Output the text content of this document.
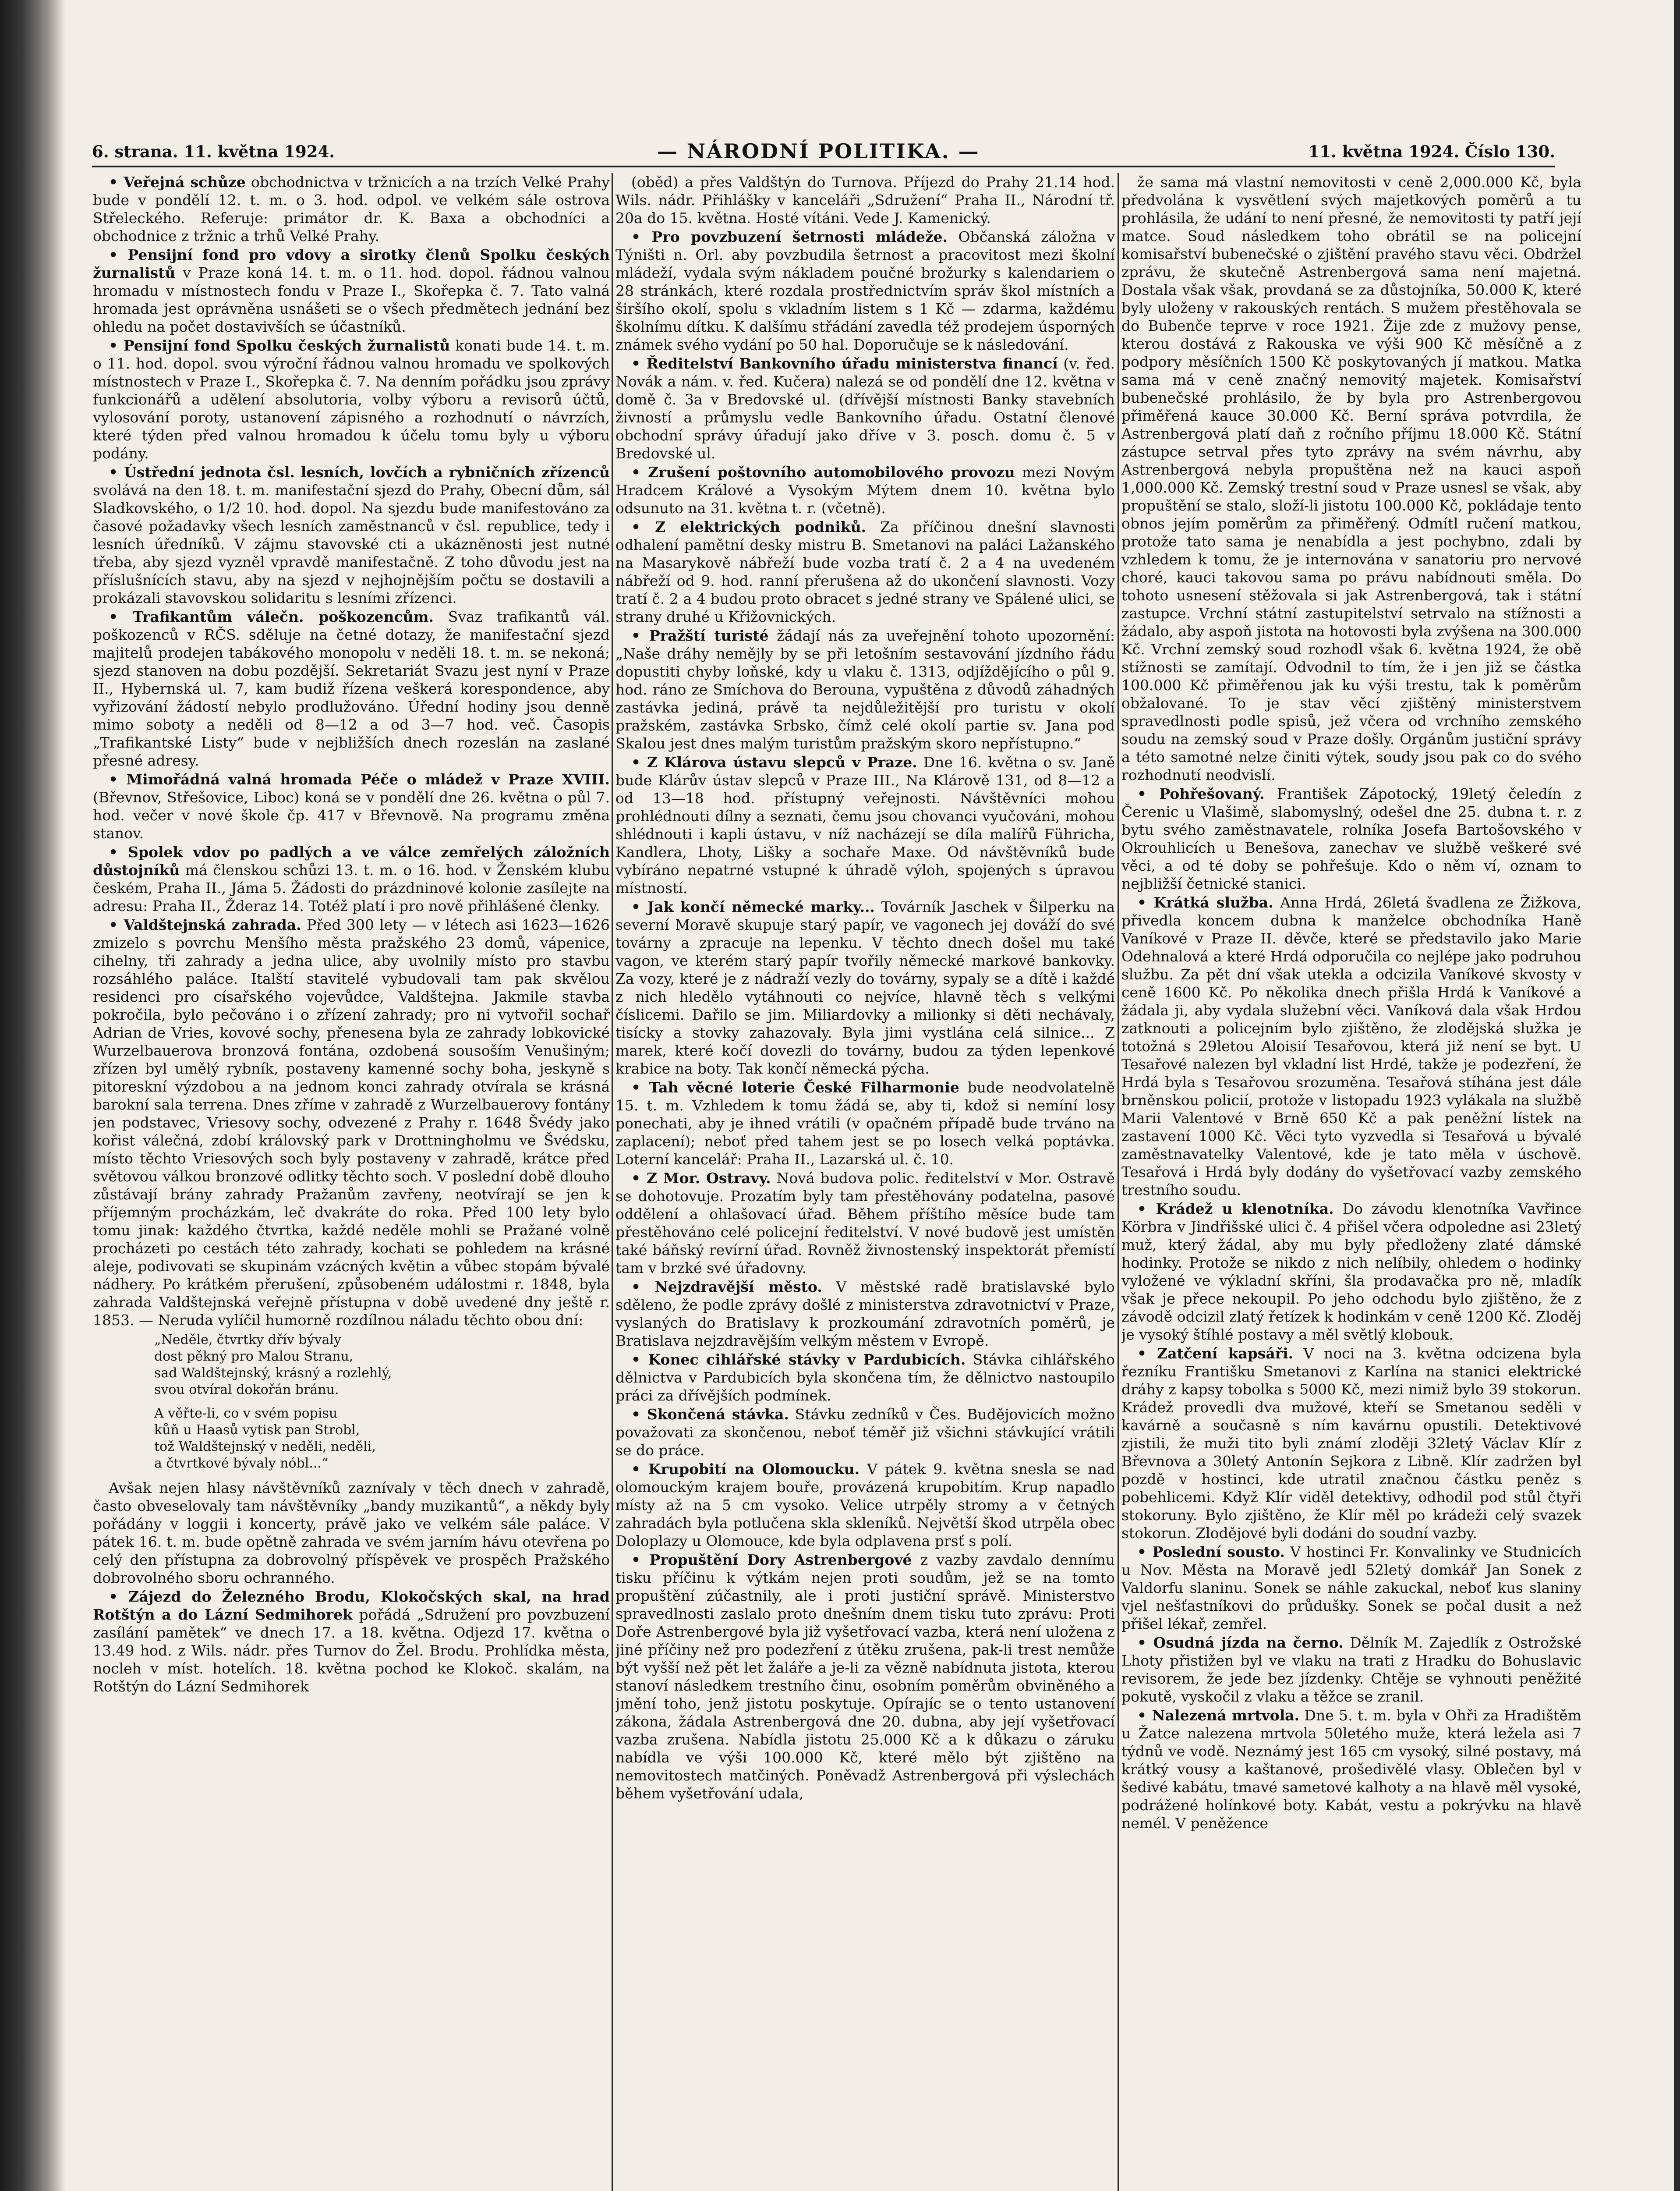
6. strana. 11. května 1924.	— NÁRODNÍ POLITIKA. —	11. května 1924. Číslo 130.

• Veřejná schůze obchodnictva v tržnicích a na trzích Velké Prahy bude v pondělí 12. t. m. o 3. hod. odpol. ve velkém sále ostrova Střeleckého. Referuje: primátor dr. K. Baxa a obchodníci a obchodnice z tržnic a trhů Velké Prahy.

• Pensijní fond pro vdovy a sirotky členů Spolku českých žurnalistů v Praze koná 14. t. m. o 11. hod. dopol. řádnou valnou hromadu v místnostech fondu v Praze I., Skořepka č. 7. Tato valná hromada jest oprávněna usnášeti se o všech předmětech jednání bez ohledu na počet dostavivších se účastníků.

• Pensijní fond Spolku českých žurnalistů konati bude 14. t. m. o 11. hod. dopol. svou výroční řádnou valnou hromadu ve spolkových místnostech v Praze I., Skořepka č. 7. Na denním pořádku jsou zprávy funkcionářů a udělení absolutoria, volby výboru a revisorů účtů, vylosování poroty, ustanovení zápisného a rozhodnutí o návrzích, které týden před valnou hromadou k účelu tomu byly u výboru podány.

• Ústřední jednota čsl. lesních, lovčích a rybničních zřízenců svolává na den 18. t. m. manifestační sjezd do Prahy, Obecní dům, sál Sladkovského, o 1/2 10. hod. dopol. Na sjezdu bude manifestováno za časové požadavky všech lesních zaměstnanců v čsl. republice, tedy i lesních úředníků. V zájmu stavovské cti a ukázněnosti jest nutné třeba, aby sjezd vyzněl vpravdě manifestačně. Z toho důvodu jest na příslušnících stavu, aby na sjezd v nejhojnějším počtu se dostavili a prokázali stavovskou solidaritu s lesními zřízenci.

• Trafikantům válečn. poškozencům. Svaz trafikantů vál. poškozenců v RČS. sděluje na četné dotazy, že manifestační sjezd majitelů prodejen tabákového monopolu v neděli 18. t. m. se nekoná; sjezd stanoven na dobu pozdější. Sekretariát Svazu jest nyní v Praze II., Hybernská ul. 7, kam budiž řízena veškerá korespondence, aby vyřizování žádostí nebylo prodlužováno. Úřední hodiny jsou denně mimo soboty a neděli od 8—12 a od 3—7 hod. več. Časopis „Trafikantské Listy“ bude v nejbližších dnech rozeslán na zaslané přesné adresy.

• Mimořádná valná hromada Péče o mládež v Praze XVIII. (Břevnov, Střešovice, Liboc) koná se v pondělí dne 26. května o půl 7. hod. večer v nové škole čp. 417 v Břevnově. Na programu změna stanov.

• Spolek vdov po padlých a ve válce zemřelých záložních důstojníků má členskou schůzi 13. t. m. o 16. hod. v Ženském klubu českém, Praha II., Jáma 5. Žádosti do prázdninové kolonie zasílejte na adresu: Praha II., Žderaz 14. Totéž platí i pro nově přihlášené členky.

• Valdštejnská zahrada. Před 300 lety — v létech asi 1623—1626 zmizelo s povrchu Menšího města pražského 23 domů, vápenice, cihelny, tři zahrady a jedna ulice, aby uvolnily místo pro stavbu rozsáhlého paláce. Italští stavitelé vybudovali tam pak skvělou residenci pro císařského vojevůdce, Valdštejna. Jakmile stavba pokročila, bylo pečováno i o zřízení zahrady; pro ni vytvořil sochař Adrian de Vries, kovové sochy, přenesena byla ze zahrady lobkovické Wurzelbauerova bronzová fontána, ozdobená sousoším Venušiným; zřízen byl umělý rybník, postaveny kamenné sochy boha, jeskyně s pitoreskní výzdobou a na jednom konci zahrady otvírala se krásná barokní sala terrena. Dnes zříme v zahradě z Wurzelbauerovy fontány jen podstavec, Vriesovy sochy, odvezené z Prahy r. 1648 Švédy jako kořist válečná, zdobí královský park v Drottningholmu ve Švédsku, místo těchto Vriesových soch byly postaveny v zahradě, krátce před světovou válkou bronzové odlitky těchto soch. V poslední době dlouho zůstávají brány zahrady Pražanům zavřeny, neotvírají se jen k příjemným procházkám, leč dvakráte do roka. Před 100 lety bylo tomu jinak: každého čtvrtka, každé neděle mohli se Pražané volně procházeti po cestách této zahrady, kochati se pohledem na krásné aleje, podivovati se skupinám vzácných květin a vůbec stopám bývalé nádhery. Po krátkém přerušení, způsobeném událostmi r. 1848, byla zahrada Valdštejnská veřejně přístupna v době uvedené dny ještě r. 1853. — Neruda vylíčil humorně rozdílnou náladu těchto obou dní:

„Neděle, čtvrtky dřív bývaly
dost pěkný pro Malou Stranu,
sad Waldštejnský, krásný a rozlehlý,
svou otvíral dokořán bránu.
A věřte-li, co v svém popisu
kůň u Haasů vytisk pan Strobl,
tož Waldštejnský v neděli, neděli,
a čtvrtkové bývaly nóbl...“

Avšak nejen hlasy návštěvníků zaznívaly v těch dnech v zahradě, často obveselovaly tam návštěvníky „bandy muzikantů“, a někdy byly pořádány v loggii i koncerty, právě jako ve velkém sále paláce. V pátek 16. t. m. bude opětně zahrada ve svém jarním hávu otevřena po celý den přístupna za dobrovolný příspěvek ve prospěch Pražského dobrovolného sboru ochranného.

• Zájezd do Železného Brodu, Klokočských skal, na hrad Rotštýn a do Lázní Sedmihorek pořádá „Sdružení pro povzbuzení zasílání pamětek“ ve dnech 17. a 18. května. Odjezd 17. května o 13.49 hod. z Wils. nádr. přes Turnov do Žel. Brodu. Prohlídka města, nocleh v míst. hotelích. 18. května pochod ke Klokoč. skalám, na Rotštýn do Lázní Sedmihorek

(oběd) a přes Valdštýn do Turnova. Příjezd do Prahy 21.14 hod. Wils. nádr. Přihlášky v kanceláři „Sdružení“ Praha II., Národní tř. 20a do 15. května. Hosté vítáni. Vede J. Kamenický.

• Pro povzbuzení šetrnosti mládeže. Občanská záložna v Týništi n. Orl. aby povzbudila šetrnost a pracovitost mezi školní mládeží, vydala svým nákladem poučné brožurky s kalendariem o 28 stránkách, které rozdala prostřednictvím správ škol místních a širšího okolí, spolu s vkladním listem s 1 Kč — zdarma, každému školnímu dítku. K dalšímu střádání zavedla též prodejem úsporných známek svého vydání po 50 hal. Doporučuje se k následování.

• Ředitelství Bankovního úřadu ministerstva financí (v. řed. Novák a nám. v. řed. Kučera) nalezá se od pondělí dne 12. května v domě č. 3a v Bredovské ul. (dřívější místnosti Banky stavebních živností a průmyslu vedle Bankovního úřadu. Ostatní členové obchodní správy úřadují jako dříve v 3. posch. domu č. 5 v Bredovské ul.

• Zrušení poštovního automobilového provozu mezi Novým Hradcem Králové a Vysokým Mýtem dnem 10. května bylo odsunuto na 31. května t. r. (včetně).

• Z elektrických podniků. Za příčinou dnešní slavnosti odhalení pamětní desky mistru B. Smetanovi na paláci Lažanského na Masarykově nábřeží bude vozba tratí č. 2 a 4 na uvedeném nábřeží od 9. hod. ranní přerušena až do ukončení slavnosti. Vozy tratí č. 2 a 4 budou proto obracet s jedné strany ve Spálené ulici, se strany druhé u Křižovnických.

• Pražští turisté žádají nás za uveřejnění tohoto upozornění: „Naše dráhy nemějly by se při letošním sestavování jízdního řádu dopustiti chyby loňské, kdy u vlaku č. 1313, odjíždějícího o půl 9. hod. ráno ze Smíchova do Berouna, vypuštěna z důvodů záhadných zastávka jediná, právě ta nejdůležitější pro turistu v okolí pražském, zastávka Srbsko, čímž celé okolí partie sv. Jana pod Skalou jest dnes malým turistům pražským skoro nepřístupno.“

• Z Klárova ústavu slepců v Praze. Dne 16. května o sv. Janě bude Klárův ústav slepců v Praze III., Na Klárově 131, od 8—12 a od 13—18 hod. přístupný veřejnosti. Návštěvníci mohou prohlédnouti dílny a seznati, čemu jsou chovanci vyučováni, mohou shlédnouti i kapli ústavu, v níž nacházejí se díla malířů Führicha, Kandlera, Lhoty, Lišky a sochaře Maxe. Od návštěvníků bude vybíráno nepatrné vstupné k úhradě výloh, spojených s úpravou místností.

• Jak končí německé marky... Továrník Jaschek v Šilperku na severní Moravě skupuje starý papír, ve vagonech jej dováží do své továrny a zpracuje na lepenku. V těchto dnech došel mu také vagon, ve kterém starý papír tvořily německé markové bankovky. Za vozy, které je z nádraží vezly do továrny, sypaly se a dítě i každé z nich hledělo vytáhnouti co nejvíce, hlavně těch s velkými číslicemi. Dařilo se jim. Miliardovky a milionky si děti nechávaly, tisícky a stovky zahazovaly. Byla jimi vystlána celá silnice... Z marek, které kočí dovezli do továrny, budou za týden lepenkové krabice na boty. Tak končí německá pýcha.

• Tah věcné loterie České Filharmonie bude neodvolatelně 15. t. m. Vzhledem k tomu žádá se, aby ti, kdož si nemíní losy ponechati, aby je ihned vrátili (v opačném případě bude trváno na zaplacení); neboť před tahem jest se po losech velká poptávka. Loterní kancelář: Praha II., Lazarská ul. č. 10.

• Z Mor. Ostravy. Nová budova polic. ředitelství v Mor. Ostravě se dohotovuje. Prozatím byly tam přestěhovány podatelna, pasové oddělení a ohlašovací úřad. Během příštího měsíce bude tam přestěhováno celé policejní ředitelství. V nové budově jest umístěn také báňský revírní úřad. Rovněž živnostenský inspektorát přemístí tam v brzké své úřadovny.

• Nejzdravější město. V městské radě bratislavské bylo sděleno, že podle zprávy došlé z ministerstva zdravotnictví v Praze, vyslaných do Bratislavy k prozkoumání zdravotních poměrů, je Bratislava nejzdravějším velkým městem v Evropě.

• Konec cihlářské stávky v Pardubicích. Stávka cihlářského dělnictva v Pardubicích byla skončena tím, že dělnictvo nastoupilo práci za dřívějších podmínek.

• Skončená stávka. Stávku zedníků v Čes. Budějovicích možno považovati za skončenou, neboť téměř již všichni stávkující vrátili se do práce.

• Krupobití na Olomoucku. V pátek 9. května snesla se nad olomouckým krajem bouře, provázená krupobitím. Krup napadlo místy až na 5 cm vysoko. Velice utrpěly stromy a v četných zahradách byla potlučena skla skleníků. Největší škod utrpěla obec Doloplazy u Olomouce, kde byla odplavena prsť s polí.

• Propuštění Dory Astrenbergové z vazby zavdalo dennímu tisku příčinu k výtkám nejen proti soudům, jež se na tomto propuštění zúčastnily, ale i proti justiční správě. Ministerstvo spravedlnosti zaslalo proto dnešním dnem tisku tuto zprávu: Proti Doře Astrenbergové byla již vyšetřovací vazba, která není uložena z jiné příčiny než pro podezření z útěku zrušena, pak-li trest nemůže být vyšší než pět let žaláře a je-li za vězně nabídnuta jistota, kterou stanoví následkem trestního činu, osobním poměrům obviněného a jmění toho, jenž jistotu poskytuje. Opírajíc se o tento ustanovení zákona, žádala Astrenbergová dne 20. dubna, aby její vyšetřovací vazba zrušena. Nabídla jistotu 25.000 Kč a k důkazu o záruku nabídla ve výši 100.000 Kč, které mělo být zjištěno na nemovitostech matčiných. Poněvadž Astrenbergová při výslechách během vyšetřování udala,

že sama má vlastní nemovitosti v ceně 2,000.000 Kč, byla předvolána k vysvětlení svých majetkových poměrů a tu prohlásila, že udání to není přesné, že nemovitosti ty patří její matce. Soud následkem toho obrátil se na policejní komisařství bubenečské o zjištění pravého stavu věci. Obdržel zprávu, že skutečně Astrenbergová sama není majetná. Dostala však však, provdaná se za důstojníka, 50.000 K, které byly uloženy v rakouských rentách. S mužem přestěhovala se do Bubenče teprve v roce 1921. Žije zde z mužovy pense, kterou dostává z Rakouska ve výši 900 Kč měsíčně a z podpory měsíčních 1500 Kč poskytovaných jí matkou. Matka sama má v ceně značný nemovitý majetek. Komisařství bubenečské prohlásilo, že by byla pro Astrenbergovou přiměřená kauce 30.000 Kč. Berní správa potvrdila, že Astrenbergová platí daň z ročního příjmu 18.000 Kč. Státní zástupce setrval přes tyto zprávy na svém návrhu, aby Astrenbergová nebyla propuštěna než na kauci aspoň 1,000.000 Kč. Zemský trestní soud v Praze usnesl se však, aby propuštění se stalo, složí-li jistotu 100.000 Kč, pokládaje tento obnos jejím poměrům za přiměřený. Odmítl ručení matkou, protože tato sama je nenabídla a jest pochybno, zdali by vzhledem k tomu, že je internována v sanatoriu pro nervové choré, kauci takovou sama po právu nabídnouti směla. Do tohoto usnesení stěžovala si jak Astrenbergová, tak i státní zastupce. Vrchní státní zastupitelství setrvalo na stížnosti a žádalo, aby aspoň jistota na hotovosti byla zvýšena na 300.000 Kč. Vrchní zemský soud rozhodl však 6. května 1924, že obě stížnosti se zamítají. Odvodnil to tím, že i jen již se částka 100.000 Kč přiměřenou jak ku výši trestu, tak k poměrům obžalované. To je stav věcí zjištěný ministerstvem spravedlnosti podle spisů, jež včera od vrchního zemského soudu na zemský soud v Praze došly. Orgánům justiční správy a této samotné nelze činiti výtek, soudy jsou pak co do svého rozhodnutí neodvislí.

• Pohřešovaný. František Zápotocký, 19letý čeledín z Čerenic u Vlašimě, slabomyslný, odešel dne 25. dubna t. r. z bytu svého zaměstnavatele, rolníka Josefa Bartošovského v Okrouhlicích u Benešova, zanechav ve službě veškeré své věci, a od té doby se pohřešuje. Kdo o něm ví, oznam to nejbližší četnické stanici.

• Krátká služba. Anna Hrdá, 26letá švadlena ze Žižkova, přivedla koncem dubna k manželce obchodníka Haně Vaníkové v Praze II. děvče, které se představilo jako Marie Odehnalová a které Hrdá odporučila co nejlépe jako podruhou službu. Za pět dní však utekla a odcizila Vaníkové skvosty v ceně 1600 Kč. Po několika dnech přišla Hrdá k Vaníkové a žádala ji, aby vydala služební věci. Vaníková dala však Hrdou zatknouti a policejním bylo zjištěno, že zlodějská služka je totožná s 29letou Aloisií Tesařovou, která již není se byt. U Tesařové nalezen byl vkladní list Hrdé, takže je podezření, že Hrdá byla s Tesařovou srozuměna. Tesařová stíhána jest dále brněnskou policií, protože v listopadu 1923 vylákala na službě Marii Valentové v Brně 650 Kč a pak peněžní lístek na zastavení 1000 Kč. Věci tyto vyzvedla si Tesařová u bývalé zaměstnavatelky Valentové, kde je tato měla v úschově. Tesařová i Hrdá byly dodány do vyšetřovací vazby zemského trestního soudu.

• Krádež u klenotníka. Do závodu klenotníka Vavřince Körbra v Jindřišské ulici č. 4 přišel včera odpoledne asi 23letý muž, který žádal, aby mu byly předloženy zlaté dámské hodinky. Protože se nikdo z nich nelíbily, ohledem o hodinky vyložené ve výkladní skříni, šla prodavačka pro ně, mladík však je přece nekoupil. Po jeho odchodu bylo zjištěno, že z závodě odcizil zlatý řetízek k hodinkám v ceně 1200 Kč. Zloděj je vysoký štíhlé postavy a měl světlý klobouk.

• Zatčení kapsáři. V noci na 3. května odcizena byla řezníku Františku Smetanovi z Karlína na stanici elektrické dráhy z kapsy tobolka s 5000 Kč, mezi nimiž bylo 39 stokorun. Krádež provedli dva mužové, kteří se Smetanou seděli v kavárně a současně s ním kavárnu opustili. Detektivové zjistili, že muži tito byli známí zloději 32letý Václav Klír z Břevnova a 30letý Antonín Sejkora z Libně. Klír zadržen byl pozdě v hostinci, kde utratil značnou částku peněz s pobehlicemi. Když Klír viděl detektivy, odhodil pod stůl čtyři stokoruny. Bylo zjištěno, že Klír měl po krádeži celý svazek stokorun. Zlodějové byli dodáni do soudní vazby.

• Poslední sousto. V hostinci Fr. Konvalinky ve Studnicích u Nov. Města na Moravě jedl 52letý domkář Jan Sonek z Valdorfu slaninu. Sonek se náhle zakuckal, neboť kus slaniny vjel nešťastníkovi do průdušky. Sonek se počal dusit a než přišel lékař, zemřel.

• Osudná jízda na černo. Dělník M. Zajedlík z Ostrožské Lhoty přistižen byl ve vlaku na trati z Hradku do Bohuslavic revisorem, že jede bez jízdenky. Chtěje se vyhnouti peněžité pokutě, vyskočil z vlaku a těžce se zranil.

• Nalezená mrtvola. Dne 5. t. m. byla v Ohři za Hradištěm u Žatce nalezena mrtvola 50letého muže, která ležela asi 7 týdnů ve vodě. Neznámý jest 165 cm vysoký, silné postavy, má krátký vousy a kaštanové, prošedivělé vlasy. Oblečen byl v šedivé kabátu, tmavé sametové kalhoty a na hlavě měl vysoké, podrážené holínkové boty. Kabát, vestu a pokrývku na hlavě nemél. V peněžence
